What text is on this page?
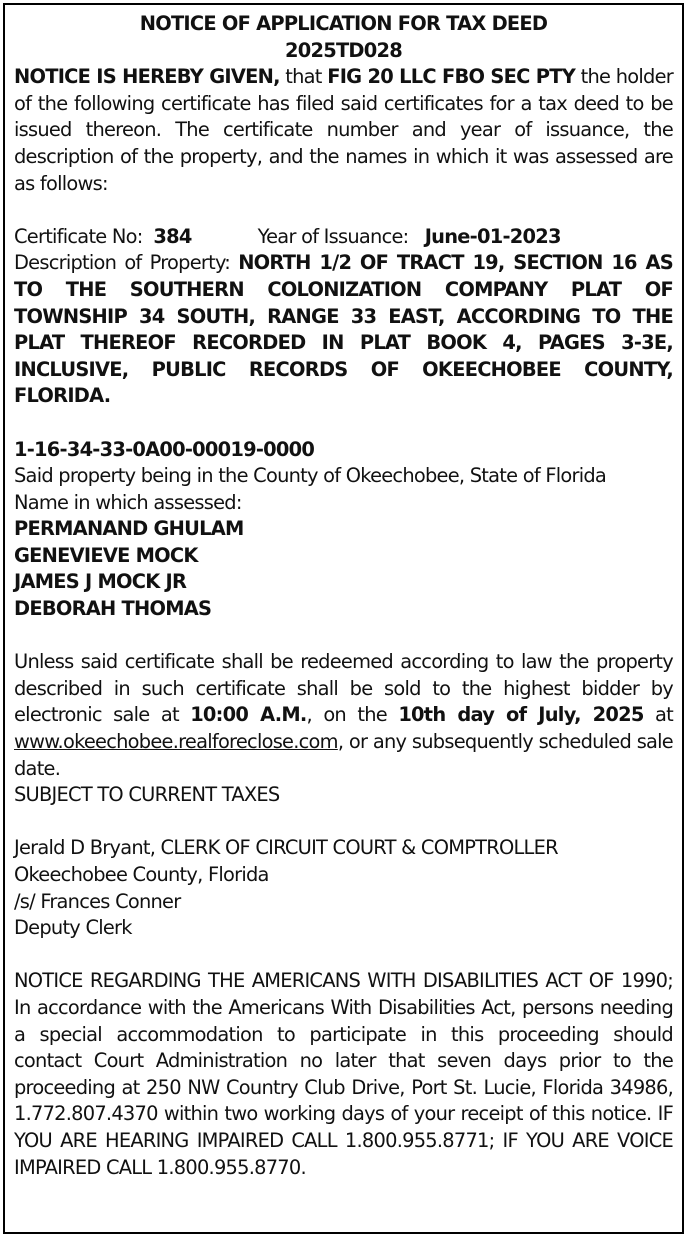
NOTICE OF APPLICATION FOR TAX DEED

2025TD028

NOTICE IS HEREBY GIVEN, that FIG 20 LLC FBO SEC PTY the holder of the following certificate has filed said certificates for a tax deed to be issued thereon. The certificate number and year of issuance, the description of the property, and the names in which it was assessed are as follows:

Certificate No: 384	Year of Issuance: June-01-2023

Description of Property: NORTH 1/2 OF TRACT 19, SECTION 16 AS TO THE SOUTHERN COLONIZATION COMPANY PLAT OF TOWNSHIP 34 SOUTH, RANGE 33 EAST, ACCORDING TO THE PLAT THEREOF RECORDED IN PLAT BOOK 4, PAGES 3-3E, INCLUSIVE, PUBLIC RECORDS OF OKEECHOBEE COUNTY, FLORIDA.

1-16-34-33-0A00-00019-0000

Said property being in the County of Okeechobee, State of Florida

Name in which assessed:

PERMANAND GHULAM

GENEVIEVE MOCK

JAMES J MOCK JR

DEBORAH THOMAS

Unless said certificate shall be redeemed according to law the property described in such certificate shall be sold to the highest bidder by electronic sale at 10:00 A.M., on the 10th day of July, 2025 at www.okeechobee.realforeclose.com, or any subsequently scheduled sale date.

SUBJECT TO CURRENT TAXES

Jerald D Bryant, CLERK OF CIRCUIT COURT & COMPTROLLER

Okeechobee County, Florida

/s/ Frances Conner

Deputy Clerk

NOTICE REGARDING THE AMERICANS WITH DISABILITIES ACT OF 1990; In accordance with the Americans With Disabilities Act, persons needing a special accommodation to participate in this proceeding should contact Court Administration no later that seven days prior to the proceeding at 250 NW Country Club Drive, Port St. Lucie, Florida 34986, 1.772.807.4370 within two working days of your receipt of this notice. IF YOU ARE HEARING IMPAIRED CALL 1.800.955.8771; IF YOU ARE VOICE IMPAIRED CALL 1.800.955.8770.
